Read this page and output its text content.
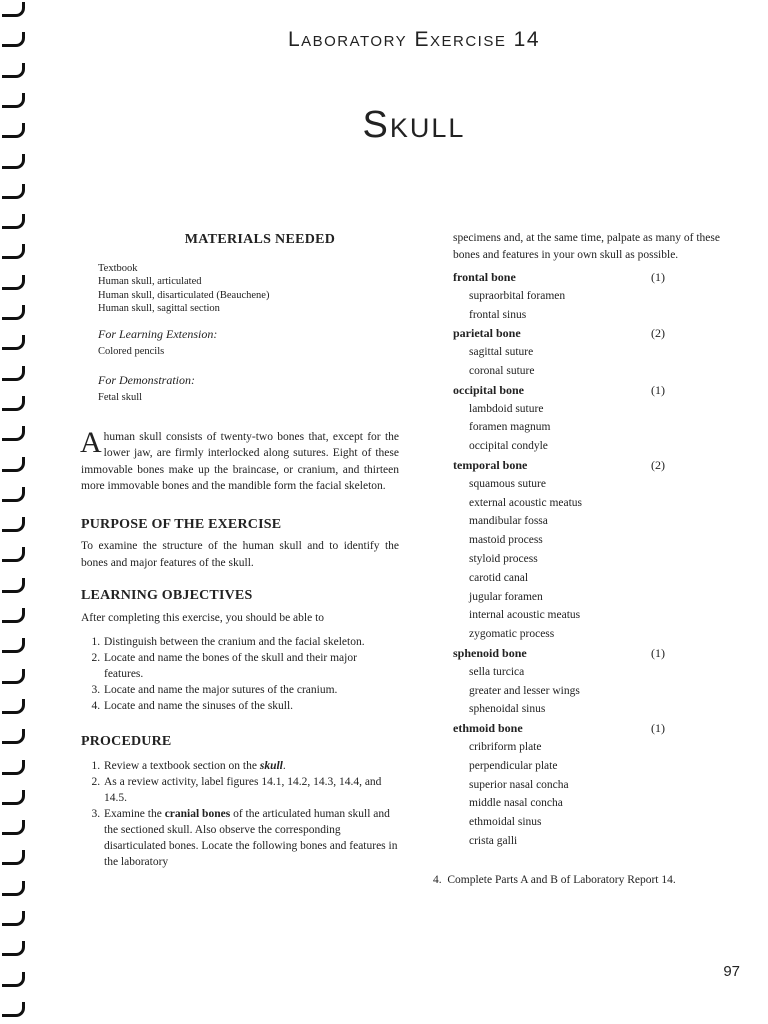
Laboratory Exercise 14
Skull
MATERIALS NEEDED
Textbook
Human skull, articulated
Human skull, disarticulated (Beauchene)
Human skull, sagittal section
For Learning Extension:
Colored pencils
For Demonstration:
Fetal skull
A human skull consists of twenty-two bones that, except for the lower jaw, are firmly interlocked along sutures. Eight of these immovable bones make up the braincase, or cranium, and thirteen more immovable bones and the mandible form the facial skeleton.
PURPOSE OF THE EXERCISE

To examine the structure of the human skull and to identify the bones and major features of the skull.

LEARNING OBJECTIVES

After completing this exercise, you should be able to

1. Distinguish between the cranium and the facial skeleton.
2. Locate and name the bones of the skull and their major features.
3. Locate and name the major sutures of the cranium.
4. Locate and name the sinuses of the skull.
PROCEDURE
1. Review a textbook section on the skull.
2. As a review activity, label figures 14.1, 14.2, 14.3, 14.4, and 14.5.
3. Examine the cranial bones of the articulated human skull and the sectioned skull. Also observe the corresponding disarticulated bones. Locate the following bones and features in the laboratory

specimens and, at the same time, palpate as many of these bones and features in your own skull as possible.

frontal bone	(1)
supraorbital foramen
frontal sinus
parietal bone	(2)
sagittal suture
coronal suture
occipital bone	(1)
lambdoid suture
foramen magnum
occipital condyle
temporal bone	(2)
squamous suture
external acoustic meatus
mandibular fossa
mastoid process
styloid process
carotid canal
jugular foramen
internal acoustic meatus
zygomatic process
sphenoid bone	(1)
sella turcica
greater and lesser wings
sphenoidal sinus
ethmoid bone	(1)
cribriform plate
perpendicular plate
superior nasal concha
middle nasal concha
ethmoidal sinus
crista galli
4.  Complete Parts A and B of Laboratory Report 14.
97
